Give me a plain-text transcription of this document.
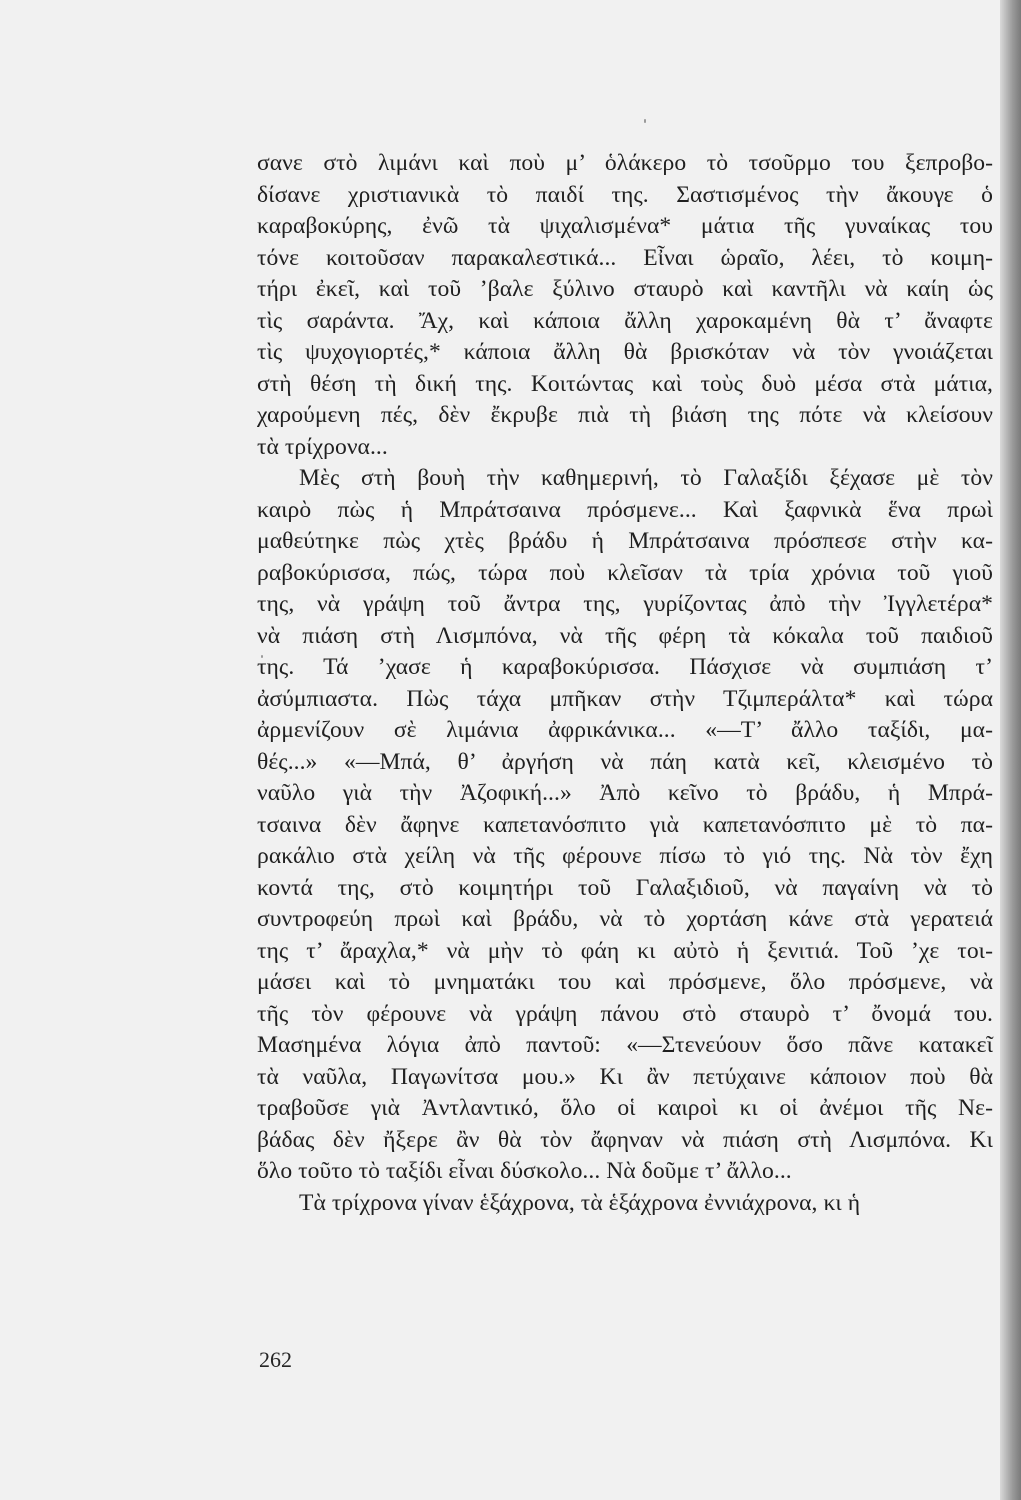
σανε στὸ λιμάνι καὶ ποὺ μ’ ὁλάκερο τὸ τσοῦρμο του ξεπροβο-
δίσανε χριστιανικὰ τὸ παιδί της. Σαστισμένος τὴν ἄκουγε ὁ
καραβοκύρης, ἐνῶ τὰ ψιχαλισμένα* μάτια τῆς γυναίκας του
τόνε κοιτοῦσαν παρακαλεστικά... Εἶναι ὡραῖο, λέει, τὸ κοιμη-
τήρι ἐκεῖ, καὶ τοῦ ’βαλε ξύλινο σταυρὸ καὶ καντῆλι νὰ καίη ὡς
τὶς σαράντα. Ἄχ, καὶ κάποια ἄλλη χαροκαμένη θὰ τ’ ἄναφτε
τὶς ψυχογιορτές,* κάποια ἄλλη θὰ βρισκόταν νὰ τὸν γνοιάζεται
στὴ θέση τὴ δική της. Κοιτώντας καὶ τοὺς δυὸ μέσα στὰ μάτια,
χαρούμενη πές, δὲν ἔκρυβε πιὰ τὴ βιάση της πότε νὰ κλείσουν
τὰ τρίχρονα...
Μὲς στὴ βουὴ τὴν καθημερινή, τὸ Γαλαξίδι ξέχασε μὲ τὸν
καιρὸ πὼς ἡ Μπράτσαινα πρόσμενε... Καὶ ξαφνικὰ ἕνα πρωὶ
μαθεύτηκε πὼς χτὲς βράδυ ἡ Μπράτσαινα πρόσπεσε στὴν κα-
ραβοκύρισσα, πώς, τώρα ποὺ κλεῖσαν τὰ τρία χρόνια τοῦ γιοῦ
της, νὰ γράψη τοῦ ἄντρα της, γυρίζοντας ἀπὸ τὴν Ἰγγλετέρα*
νὰ πιάση στὴ Λισμπόνα, νὰ τῆς φέρη τὰ κόκαλα τοῦ παιδιοῦ
της. Τά ’χασε ἡ καραβοκύρισσα. Πάσχισε νὰ συμπιάση τ’
ἀσύμπιαστα. Πὼς τάχα μπῆκαν στὴν Τζιμπεράλτα* καὶ τώρα
ἀρμενίζουν σὲ λιμάνια ἀφρικάνικα... «—Τ’ ἄλλο ταξίδι, μα-
θές...» «—Μπά, θ’ ἀργήση νὰ πάη κατὰ κεῖ, κλεισμένο τὸ
ναῦλο γιὰ τὴν Ἀζοφική...» Ἀπὸ κεῖνο τὸ βράδυ, ἡ Μπρά-
τσαινα δὲν ἄφηνε καπετανόσπιτο γιὰ καπετανόσπιτο μὲ τὸ πα-
ρακάλιο στὰ χείλη νὰ τῆς φέρουνε πίσω τὸ γιό της. Νὰ τὸν ἔχη
κοντά της, στὸ κοιμητήρι τοῦ Γαλαξιδιοῦ, νὰ παγαίνη νὰ τὸ
συντροφεύη πρωὶ καὶ βράδυ, νὰ τὸ χορτάση κάνε στὰ γερατειά
της τ’ ἄραχλα,* νὰ μὴν τὸ φάη κι αὐτὸ ἡ ξενιτιά. Τοῦ ’χε τοι-
μάσει καὶ τὸ μνηματάκι του καὶ πρόσμενε, ὅλο πρόσμενε, νὰ
τῆς τὸν φέρουνε νὰ γράψη πάνου στὸ σταυρὸ τ’ ὄνομά του.
Μασημένα λόγια ἀπὸ παντοῦ: «—Στενεύουν ὅσο πᾶνε κατακεῖ
τὰ ναῦλα, Παγωνίτσα μου.» Κι ἂν πετύχαινε κάποιον ποὺ θὰ
τραβοῦσε γιὰ Ἀντλαντικό, ὅλο οἱ καιροὶ κι οἱ ἀνέμοι τῆς Νε-
βάδας δὲν ἤξερε ἂν θὰ τὸν ἄφηναν νὰ πιάση στὴ Λισμπόνα. Κι
ὅλο τοῦτο τὸ ταξίδι εἶναι δύσκολο... Νὰ δοῦμε τ’ ἄλλο...
Τὰ τρίχρονα γίναν ἑξάχρονα, τὰ ἑξάχρονα ἐννιάχρονα, κι ἡ
262
